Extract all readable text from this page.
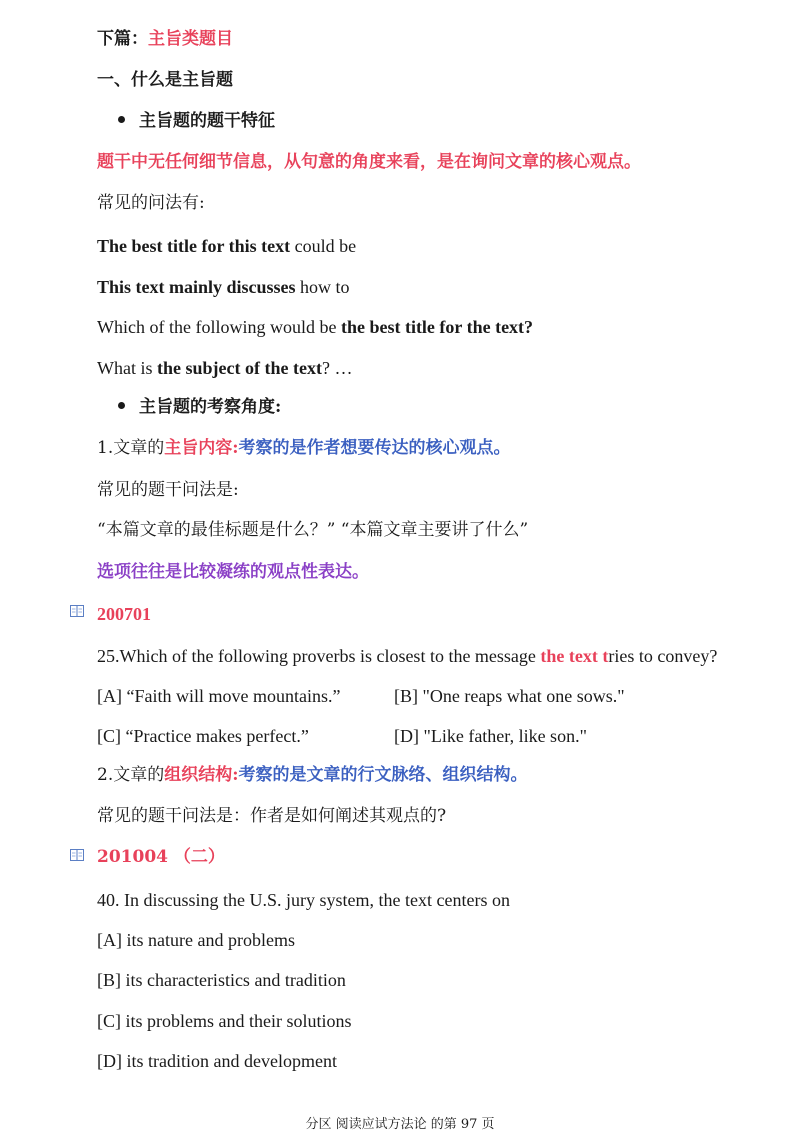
下篇：主旨类题目
一、什么是主旨题
主旨题的题干特征
题干中无任何细节信息，从句意的角度来看，是在询问文章的核心观点。
常见的问法有:
The best title for this text could be
This text mainly discusses how to
Which of the following would be the best title for the text?
What is the subject of the text? …
主旨题的考察角度:
1.文章的主旨内容:考察的是作者想要传达的核心观点。
常见的题干问法是:
“本篇文章的最佳标题是什么？” “本篇文章主要讲了什么”
选项往往是比较凝练的观点性表达。
200701
25.Which of the following proverbs is closest to the message the text tries to convey?
[A] “Faith will move mountains.”	[B] "One reaps what one sows."
[C] “Practice makes perfect.”	[D] "Like father, like son."
2.文章的组织结构:考察的是文章的行文脉络、组织结构。
常见的题干问法是：作者是如何阐述其观点的?
201004 （二）
40. In discussing the U.S. jury system, the text centers on
[A] its nature and problems
[B] its characteristics and tradition
[C] its problems and their solutions
[D] its tradition and development
分区 阅读应试方法论 的第 97 页
